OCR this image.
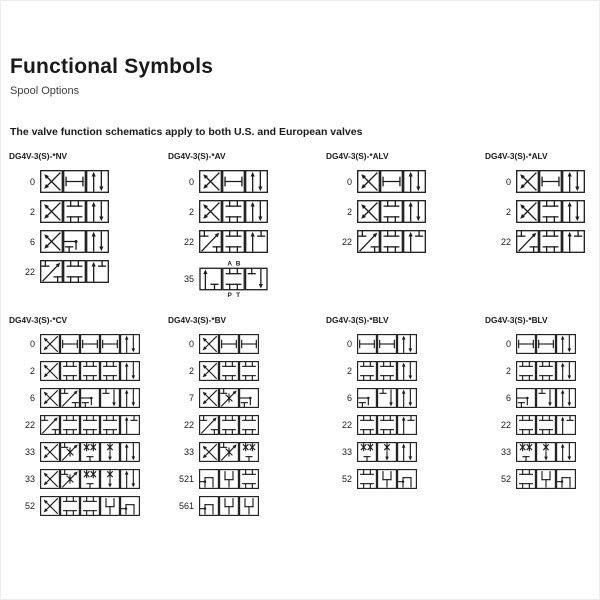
Functional Symbols
Spool Options
The valve function schematics apply to both U.S. and European valves
DG4V-3(S)-*NV
0
2
6
22
DG4V-3(S)-*AV
0
2
22
35
A B
P T
DG4V-3(S)-*ALV
0
2
22
DG4V-3(S)-*ALV
0
2
22
DG4V-3(S)-*CV
0
2
6
22
33
33
52
DG4V-3(S)-*BV
0
2
7
22
33
521
561
DG4V-3(S)-*BLV
0
2
6
22
33
52
DG4V-3(S)-*BLV
0
2
6
22
33
52
